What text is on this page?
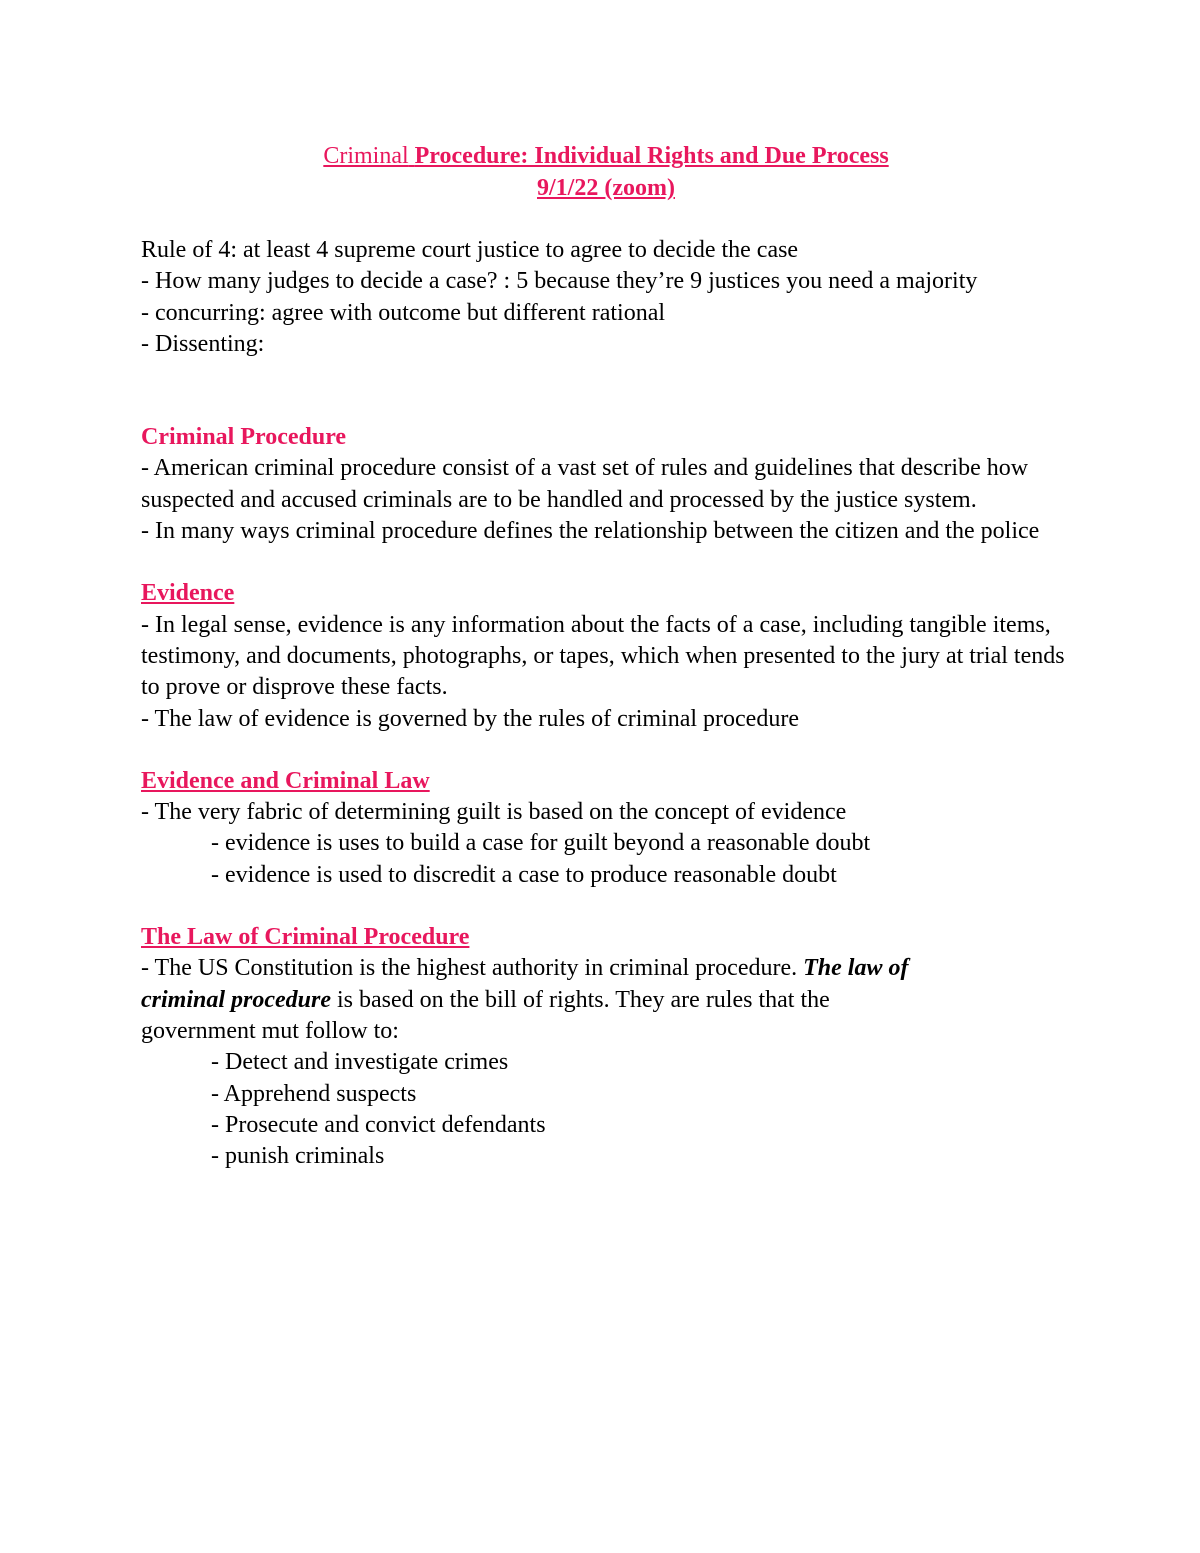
Criminal Procedure: Individual Rights and Due Process

9/1/22 (zoom)

Rule of 4: at least 4 supreme court justice to agree to decide the case

- How many judges to decide a case? : 5 because they’re 9 justices you need a majority

- concurring: agree with outcome but different rational

- Dissenting:

Criminal Procedure

- American criminal procedure consist of a vast set of rules and guidelines that describe how suspected and accused criminals are to be handled and processed by the justice system.

- In many ways criminal procedure defines the relationship between the citizen and the police

Evidence

- In legal sense, evidence is any information about the facts of a case, including tangible items, testimony, and documents, photographs, or tapes, which when presented to the jury at trial tends to prove or disprove these facts.

- The law of evidence is governed by the rules of criminal procedure

Evidence and Criminal Law

- The very fabric of determining guilt is based on the concept of evidence

- evidence is uses to build a case for guilt beyond a reasonable doubt

- evidence is used to discredit a case to produce reasonable doubt

The Law of Criminal Procedure

- The US Constitution is the highest authority in criminal procedure. The law of

criminal procedure is based on the bill of rights. They are rules that the

government mut follow to:

- Detect and investigate crimes

- Apprehend suspects

- Prosecute and convict defendants

- punish criminals
